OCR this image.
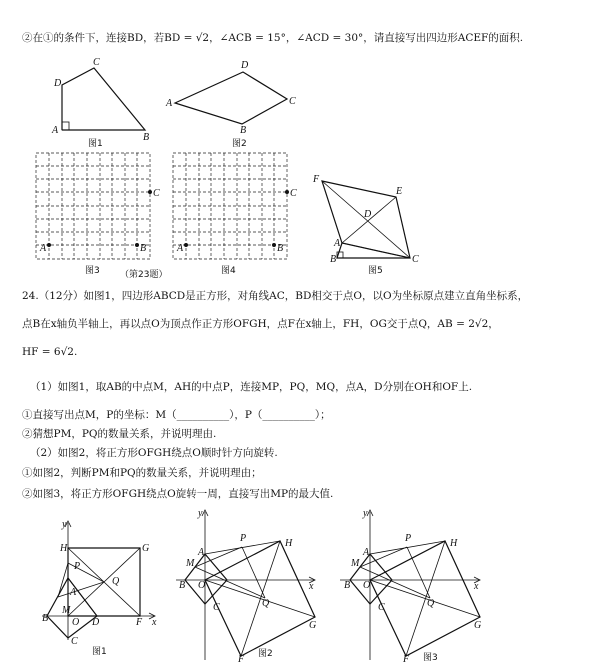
②在①的条件下，连接BD，若BD = √2，∠ACB = 15°，∠ACD = 30°，请直接写出四边形ACEF的面积.
24.（12分）如图1，四边形ABCD是正方形，对角线AC，BD相交于点O，以O为坐标原点建立直角坐标系，
点B在x轴负半轴上，再以点O为顶点作正方形OFGH，点F在x轴上，FH，OG交于点Q，AB = 2√2，
HF = 6√2.
（1）如图1，取AB的中点M，AH的中点P，连接MP，PQ，MQ，点A，D分别在OH和OF上.
①直接写出点M，P的坐标：M（__________），P（__________）；
②猜想PM，PQ的数量关系，并说明理由.
（2）如图2，将正方形OFGH绕点O顺时针方向旋转.
①如图2，判断PM和PQ的数量关系，并说明理由；
②如图3，将正方形OFGH绕点O旋转一周，直接写出MP的最大值.
D
C
A
B
图1
D
A	C
B
图2
C
A	B
图3 （第23题）
C
A	B
图4
F
E
D
A
B	C
图5
y
H	G
P
Q
A
M
B O D	F x
C
图1
y
P	H
A
M
B O	x
C	Q
G
F 图2
y
P	H
A
M
B O	x
C	Q
G
F 图3
